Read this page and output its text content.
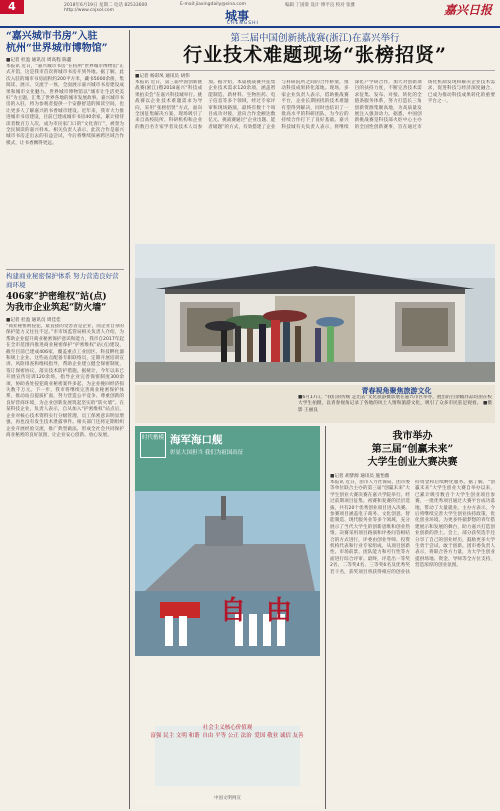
4	2018年6月19日 星期二 电话 82533600
http://www.cnjxol.com
E-mail:jiaxingdaily@sina.com	编辑 丁国梁 设计 傅平良 校对 张雅
城事
CHENGSHI
嘉兴日报
“嘉兴城市书房”入驻
杭州“世界城市博物馆”
■记者 杜盈 通讯员 周高程 陈蕙
本报讯 近日，“嘉兴城市书房”在杭州“世界城市博物馆”正式开馆，这是我市首次将城市书房开到外地。据了解，此次入驻的城市书房面积约200平方米，藏书5000余册，集阅读、展示、交流于一体，全面展示嘉兴城市书房建设成果和城市文化魅力。世界城市博物馆以“城市让生活更美好”为主题，汇集了世界各地的城市发展故事。嘉兴城市书房的入驻，将为参观者提供一个安静舒适的阅读空间，也让更多人了解嘉兴的书香城市建设。近年来，我市大力推进城市书房建设，目前已建成城市书房40余家，累计接待读者数百万人次，成为市民家门口的“文化客厅”，被誉为全民阅读的嘉兴样本。相关负责人表示，此次合作是嘉兴城市书房走出去的有益尝试，今后将继续探索跨区域合作模式，让书香飘得更远。
构建商业秘密保护体系 努力营造良好营商环境
406家“护密维权”站(点)
为我市企业筑起“防火墙”
■记者 杜盈 通讯员 周佳佳
“商业秘密被侵犯，最直接的受害者是企业，而企业自身的保护能力又往往不足。”市市场监管局相关负责人介绍，为帮助企业提升商业秘密保护意识和能力，我市自2017年起在全市范围内推进商业秘密保护“护密维权”站(点)建设，截至目前已建成406家，覆盖重点工业园区、科技孵化器和规上企业。这些站点配备专职联络员，定期开展培训宣讲、风险排查和维权指导，帮助企业建立健全保密制度，签订保密协议，落实技术防护措施。据统计，今年以来已开展宣传培训120余场，指导企业完善保密制度300余项，协助查处侵犯商业秘密案件多起，为企业挽回经济损失数千万元。下一步，我市将继续完善商业秘密保护体系，推动站点提质扩面，努力营造公平竞争、尊重创新的良好营商环境，为企业创新发展筑起坚实的“防火墙”。在某科技企业，负责人表示，自从加入“护密维权”站点后，企业对核心技术资料实行分级管理，员工保密意识明显增强，再也没有发生技术泄露事件。相关部门还将定期组织企业开展经验交流，推广典型做法，形成全社会共同保护商业秘密的良好氛围，让企业安心创新、放心发展。
第三届中国创新挑战赛(浙江)在嘉兴举行
行业技术难题现场“张榜招贤”
■记者 杨彩凤 通讯员 胡伟
本报讯 近日，第三届中国创新挑战赛(浙江)暨2018嘉兴“科技成果拍卖会”在嘉兴科技城举行。挑战赛以企业技术难题需求为导向，采用“张榜招贤”方式，面向全国征集解决方案，现场吸引了来自高校院所、科研机构和企业的数百名专家学者及技术人员参加。据介绍，本届挑战赛共征集企业技术需求120余项，涵盖智能制造、新材料、生物医药、电子信息等多个领域，经过专家评审和现场路演，最终有数十个项目成功对接，意向合作金额达数亿元。挑战赛通过“企业出题、能者破题”的方式，有效搭建了企业与科研院所之间的合作桥梁，推动科技成果转化落地。现场，多家企业负责人表示，借助挑战赛平台，企业长期困扰的技术难题有望得到解决，同时也结识了一批高水平的科研团队，为今后的持续合作打下了良好基础。嘉兴科技城有关负责人表示，将继续深化产学研合作，加大对创新项目的扶持力度，不断完善技术需求征集、发布、对接、转化的全链条服务体系，努力打造长三角创新资源集聚高地，为高质量发展注入强劲动力。据悉，中国创新挑战赛是科技部火炬中心主办的全国性创新赛事，旨在通过市场化机制发现和解决企业技术需求，促进科技与经济深度融合，已成为推动科技成果转化的重要平台之一。
青春视角聚焦旅游文化
■6月17日，“我们的传统 走出去”文化旅游摄影展在嘉兴市区举办，展出的百余幅作品均由在校大学生拍摄，以青春视角记录了各地的风土人情和旅游文化，吸引了众多市民驻足观看。 ■摄影 王丽良
时代楷模 海军海口舰
彰显大国担当 我们为祖国出征
自由
社会主义核心价值观
富强 民主 文明 和谐 自由 平等 公正 法治 爱国 敬业 诚信 友善
中国文明网宣
我市举办
第三届“创赢未来”
大学生创业大赛决赛
■记者 胡梦源 通讯员 施怡薇
本报讯 近日，由市人力社保局、团市委等单位联合主办的第三届“创赢未来”大学生创业大赛决赛在嘉兴学院举行。经过前期项目征集、初赛和复赛的层层选拔，共有20个优秀创业项目进入决赛。参赛项目涵盖电子商务、文化创意、智能制造、现代服务业等多个领域，充分展示了当代大学生的创新思维和创业热情。决赛采用项目路演和评委问答相结合的方式进行，评委由创业导师、投资机构代表和行业专家组成，从项目创新性、市场前景、团队能力和可行性等方面进行综合评审。最终，评选出一等奖2名、二等奖4名、三等奖6名及优秀奖若干名，获奖项目将获得相应的创业扶持资金和后续孵化服务。据了解，“创赢未来”大学生创业大赛自举办以来，已累计吸引数百个大学生创业项目参赛，一批优秀项目通过大赛平台成功落地，带动了大量就业。主办方表示，今后将继续完善大学生创业扶持政策，优化创业环境，为更多怀揣梦想的青年搭建展示和发展的舞台，助力嘉兴打造创业创新的热土。会上，部分获奖选手还分享了自己的创业经历，鼓励更多大学生勇于尝试、敢于创新。团市委负责人表示，将联合各方力量，为大学生创业提供场地、资金、导师等全方位支持，营造浓厚的创业氛围。
